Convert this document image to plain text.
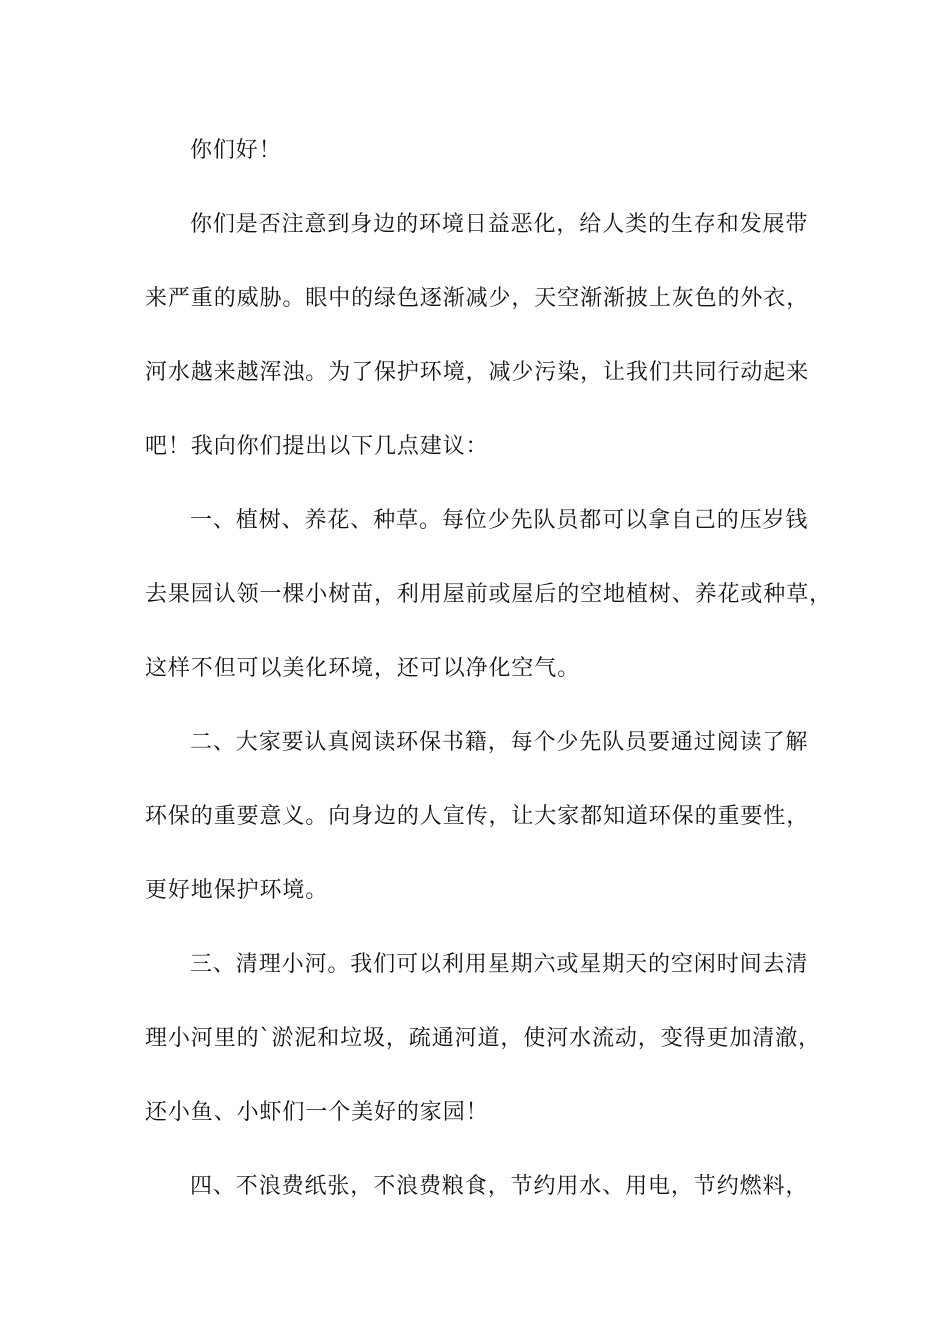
你们好！
你们是否注意到身边的环境日益恶化，给人类的生存和发展带
来严重的威胁。眼中的绿色逐渐减少，天空渐渐披上灰色的外衣，
河水越来越浑浊。为了保护环境，减少污染，让我们共同行动起来
吧！我向你们提出以下几点建议：
一、植树、养花、种草。每位少先队员都可以拿自己的压岁钱
去果园认领一棵小树苗，利用屋前或屋后的空地植树、养花或种草，
这样不但可以美化环境，还可以净化空气。
二、大家要认真阅读环保书籍，每个少先队员要通过阅读了解
环保的重要意义。向身边的人宣传，让大家都知道环保的重要性，
更好地保护环境。
三、清理小河。我们可以利用星期六或星期天的空闲时间去清
理小河里的`淤泥和垃圾，疏通河道，使河水流动，变得更加清澈，
还小鱼、小虾们一个美好的家园！
四、不浪费纸张，不浪费粮食，节约用水、用电，节约燃料，
